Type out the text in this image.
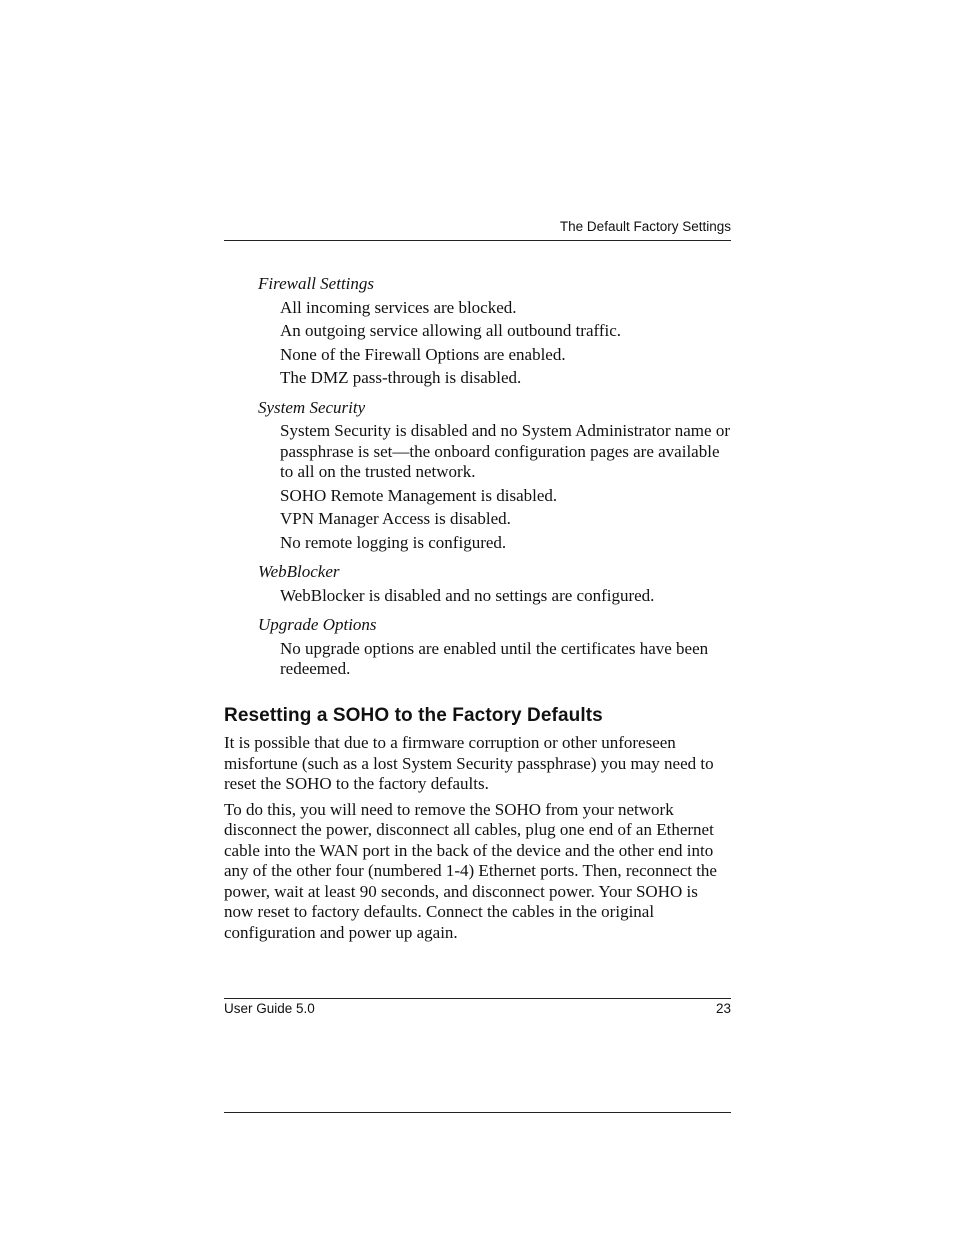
The Default Factory Settings
Firewall Settings
All incoming services are blocked.
An outgoing service allowing all outbound traffic.
None of the Firewall Options are enabled.
The DMZ pass-through is disabled.
System Security
System Security is disabled and no System Administrator name or passphrase is set—the onboard configuration pages are available to all on the trusted network.
SOHO Remote Management is disabled.
VPN Manager Access is disabled.
No remote logging is configured.
WebBlocker
WebBlocker is disabled and no settings are configured.
Upgrade Options
No upgrade options are enabled until the certificates have been redeemed.
Resetting a SOHO to the Factory Defaults
It is possible that due to a firmware corruption or other unforeseen misfortune (such as a lost System Security passphrase) you may need to reset the SOHO to the factory defaults.
To do this, you will need to remove the SOHO from your network disconnect the power, disconnect all cables, plug one end of an Ethernet cable into the WAN port in the back of the device and the other end into any of the other four (numbered 1-4) Ethernet ports. Then, reconnect the power, wait at least 90 seconds, and disconnect power. Your SOHO is now reset to factory defaults. Connect the cables in the original configuration and power up again.
User Guide 5.0	23
